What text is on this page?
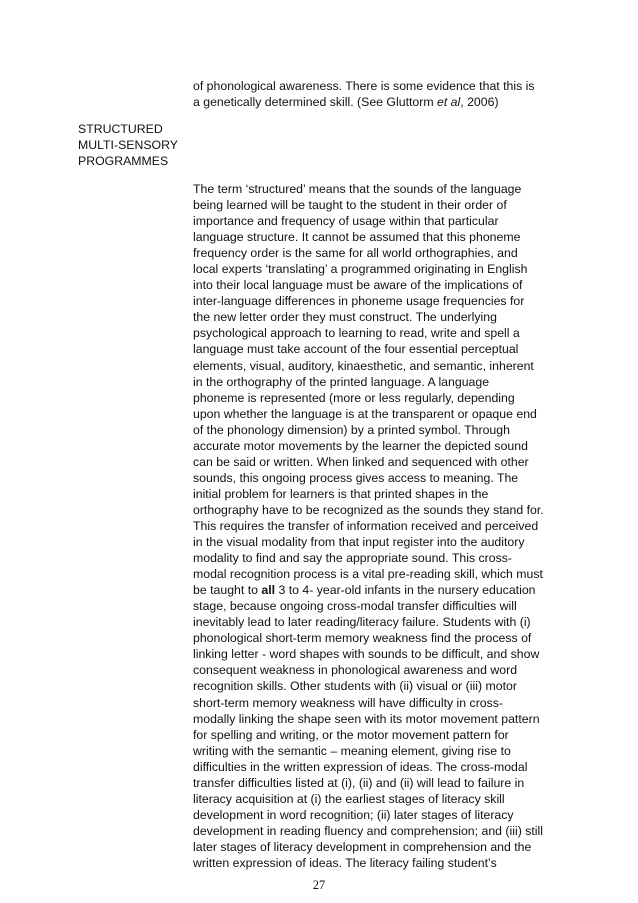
of phonological awareness. There is some evidence that this is
a genetically determined skill. (See Gluttorm et al, 2006)
STRUCTURED
MULTI-SENSORY
PROGRAMMES
The term ‘structured’ means that the sounds of the language
being learned will be taught to the student in their order of
importance and frequency of usage within that particular
language structure. It cannot be assumed that this phoneme
frequency order is the same for all world orthographies, and
local experts ‘translating’ a programmed originating in English
into their local language must be aware of the implications of
inter-language differences in phoneme usage frequencies for
the new letter order they must construct. The underlying
psychological approach to learning to read, write and spell a
language must take account of the four essential perceptual
elements, visual, auditory, kinaesthetic, and semantic, inherent
in the orthography of the printed language. A language
phoneme is represented (more or less regularly, depending
upon whether the language is at the transparent or opaque end
of the phonology dimension) by a printed symbol. Through
accurate motor movements by the learner the depicted sound
can be said or written. When linked and sequenced with other
sounds, this ongoing process gives access to meaning. The
initial problem for learners is that printed shapes in the
orthography have to be recognized as the sounds they stand for.
This requires the transfer of information received and perceived
in the visual modality from that input register into the auditory
modality to find and say the appropriate sound. This cross-
modal recognition process is a vital pre-reading skill, which must
be taught to all 3 to 4- year-old infants in the nursery education
stage, because ongoing cross-modal transfer difficulties will
inevitably lead to later reading/literacy failure. Students with (i)
phonological short-term memory weakness find the process of
linking letter - word shapes with sounds to be difficult, and show
consequent weakness in phonological awareness and word
recognition skills. Other students with (ii) visual or (iii) motor
short-term memory weakness will have difficulty in cross-
modally linking the shape seen with its motor movement pattern
for spelling and writing, or the motor movement pattern for
writing with the semantic – meaning element, giving rise to
difficulties in the written expression of ideas. The cross-modal
transfer difficulties listed at (i), (ii) and (ii) will lead to failure in
literacy acquisition at (i) the earliest stages of literacy skill
development in word recognition; (ii) later stages of literacy
development in reading fluency and comprehension; and (iii) still
later stages of literacy development in comprehension and the
written expression of ideas. The literacy failing student’s
27
